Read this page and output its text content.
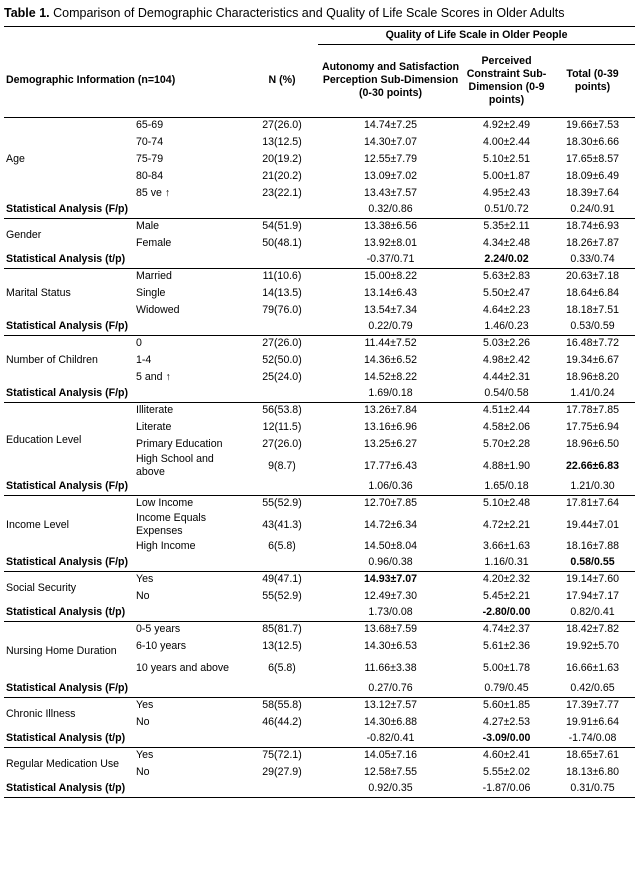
Table 1. Comparison of Demographic Characteristics and Quality of Life Scale Scores in Older Adults
			Quality of Life Scale in Older People		
Demographic Information (n=104)		N (%)	Autonomy and Satisfaction Perception Sub-Dimension (0-30 points)	Perceived Constraint Sub-Dimension (0-9 points)	Total (0-39 points)
Age	65-69	27(26.0)	14.74±7.25	4.92±2.49	19.66±7.53
	70-74	13(12.5)	14.30±7.07	4.00±2.44	18.30±6.66
	75-79	20(19.2)	12.55±7.79	5.10±2.51	17.65±8.57
	80-84	21(20.2)	13.09±7.02	5.00±1.87	18.09±6.49
	85 ve ↑	23(22.1)	13.43±7.57	4.95±2.43	18.39±7.64
Statistical Analysis (F/p)			0.32/0.86	0.51/0.72	0.24/0.91
Gender	Male	54(51.9)	13.38±6.56	5.35±2.11	18.74±6.93
	Female	50(48.1)	13.92±8.01	4.34±2.48	18.26±7.87
Statistical Analysis (t/p)			-0.37/0.71	2.24/0.02	0.33/0.74
Marital Status	Married	11(10.6)	15.00±8.22	5.63±2.83	20.63±7.18
	Single	14(13.5)	13.14±6.43	5.50±2.47	18.64±6.84
	Widowed	79(76.0)	13.54±7.34	4.64±2.23	18.18±7.51
Statistical Analysis (F/p)			0.22/0.79	1.46/0.23	0.53/0.59
Number of Children	0	27(26.0)	11.44±7.52	5.03±2.26	16.48±7.72
	1-4	52(50.0)	14.36±6.52	4.98±2.42	19.34±6.67
	5 and ↑	25(24.0)	14.52±8.22	4.44±2.31	18.96±8.20
Statistical Analysis (F/p)			1.69/0.18	0.54/0.58	1.41/0.24
Education Level	Illiterate	56(53.8)	13.26±7.84	4.51±2.44	17.78±7.85
	Literate	12(11.5)	13.16±6.96	4.58±2.06	17.75±6.94
	Primary Education	27(26.0)	13.25±6.27	5.70±2.28	18.96±6.50
	High School and above	9(8.7)	17.77±6.43	4.88±1.90	22.66±6.83
Statistical Analysis (F/p)			1.06/0.36	1.65/0.18	1.21/0.30
Income Level	Low Income	55(52.9)	12.70±7.85	5.10±2.48	17.81±7.64
	Income Equals Expenses	43(41.3)	14.72±6.34	4.72±2.21	19.44±7.01
	High Income	6(5.8)	14.50±8.04	3.66±1.63	18.16±7.88
Statistical Analysis (F/p)			0.96/0.38	1.16/0.31	0.58/0.55
Social Security	Yes	49(47.1)	14.93±7.07	4.20±2.32	19.14±7.60
	No	55(52.9)	12.49±7.30	5.45±2.21	17.94±7.17
Statistical Analysis (t/p)			1.73/0.08	-2.80/0.00	0.82/0.41
Nursing Home Duration	0-5 years	85(81.7)	13.68±7.59	4.74±2.37	18.42±7.82
	6-10 years	13(12.5)	14.30±6.53	5.61±2.36	19.92±5.70
	10 years and above	6(5.8)	11.66±3.38	5.00±1.78	16.66±1.63
Statistical Analysis (F/p)			0.27/0.76	0.79/0.45	0.42/0.65
Chronic Illness	Yes	58(55.8)	13.12±7.57	5.60±1.85	17.39±7.77
	No	46(44.2)	14.30±6.88	4.27±2.53	19.91±6.64
Statistical Analysis (t/p)			-0.82/0.41	-3.09/0.00	-1.74/0.08
Regular Medication Use	Yes	75(72.1)	14.05±7.16	4.60±2.41	18.65±7.61
	No	29(27.9)	12.58±7.55	5.55±2.02	18.13±6.80
Statistical Analysis (t/p)			0.92/0.35	-1.87/0.06	0.31/0.75
